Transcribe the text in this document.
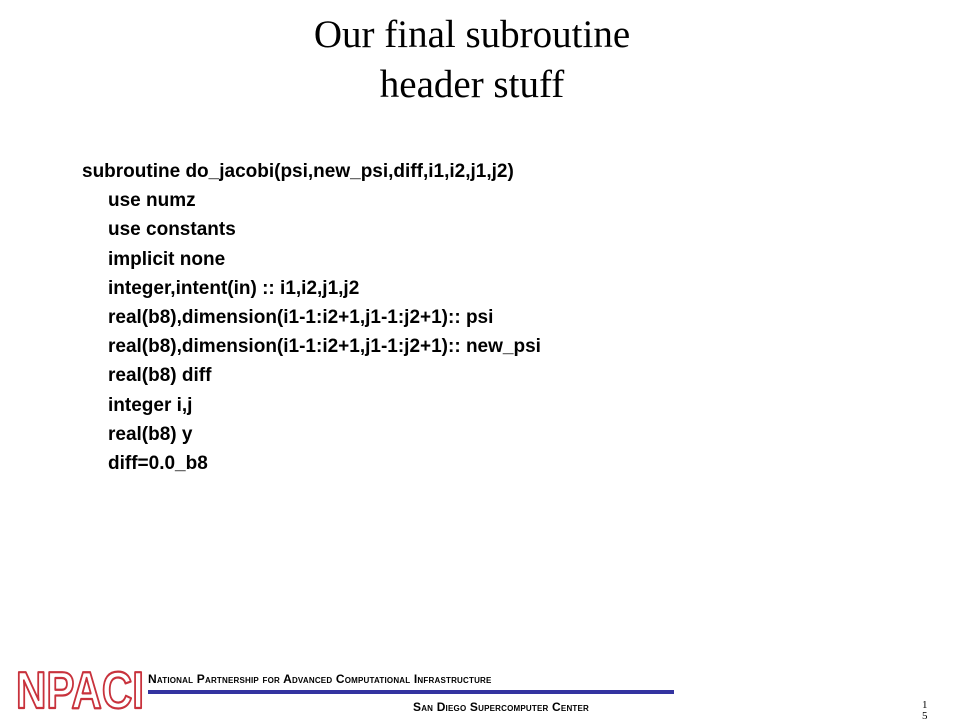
Our final subroutine
header stuff
subroutine do_jacobi(psi,new_psi,diff,i1,i2,j1,j2)
use numz
use constants
implicit none
integer,intent(in) :: i1,i2,j1,j2
real(b8),dimension(i1-1:i2+1,j1-1:j2+1):: psi
real(b8),dimension(i1-1:i2+1,j1-1:j2+1):: new_psi
real(b8) diff
integer i,j
real(b8) y
diff=0.0_b8
NPACI National Partnership for Advanced Computational Infrastructure
San Diego Supercomputer Center	1 5
